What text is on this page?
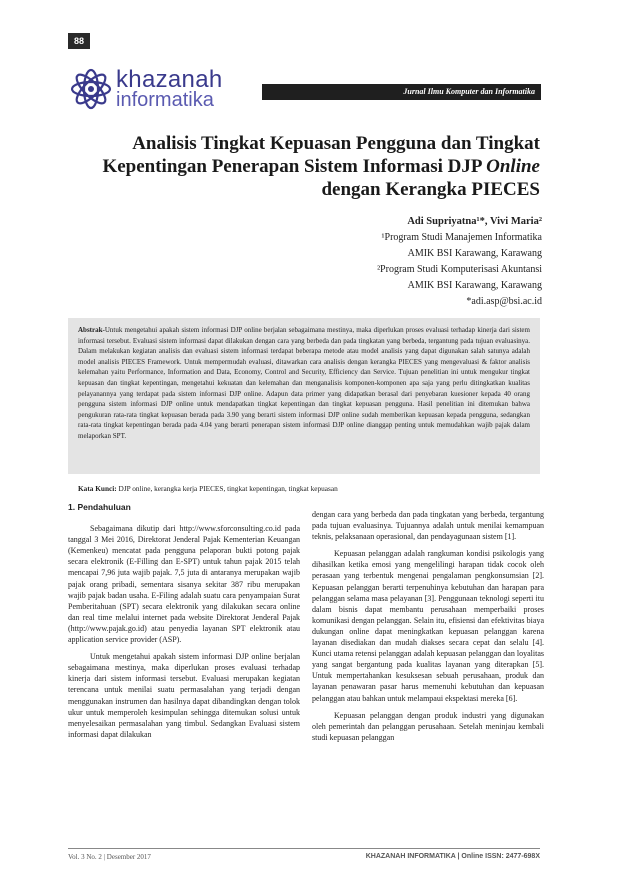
88
khazanah
informatika	Jurnal Ilmu Komputer dan Informatika
Analisis Tingkat Kepuasan Pengguna dan Tingkat
Kepentingan Penerapan Sistem Informasi DJP Online
dengan Kerangka PIECES
Adi Supriyatna¹*, Vivi Maria²
¹Program Studi Manajemen Informatika
AMIK BSI Karawang, Karawang
²Program Studi Komputerisasi Akuntansi
AMIK BSI Karawang, Karawang
*adi.asp@bsi.ac.id
Abstrak-Untuk mengetahui apakah sistem informasi DJP online berjalan sebagaimana mestinya, maka diperlukan proses evaluasi terhadap kinerja dari sistem informasi tersebut. Evaluasi sistem informasi dapat dilakukan dengan cara yang berbeda dan pada tingkatan yang berbeda, tergantung pada tujuan evaluasinya. Dalam melakukan kegiatan analisis dan evaluasi sistem informasi terdapat beberapa metode atau model analisis yang dapat digunakan salah satunya adalah model analisis PIECES Framework. Untuk mempermudah evaluasi, ditawarkan cara analisis dengan kerangka PIECES yang mengevaluasi & faktor analisis kelemahan yaitu Performance, Information and Data, Economy, Control and Security, Efficiency dan Service. Tujuan penelitian ini untuk mengukur tingkat kepuasan dan tingkat kepentingan, mengetahui kekuatan dan kelemahan dan menganalisis komponen-komponen apa saja yang perlu ditingkatkan kualitas pelayanannya yang terdapat pada sistem informasi DJP online. Adapun data primer yang didapatkan berasal dari penyebaran kuesioner kepada 40 orang pengguna sistem informasi DJP online untuk mendapatkan tingkat kepentingan dan tingkat kepuasan pengguna. Hasil penelitian ini ditemukan bahwa pengukuran rata-rata tingkat kepuasan berada pada 3.90 yang berarti sistem informasi DJP online sudah memberikan kepuasan kepada pengguna, sedangkan rata-rata tingkat kepentingan berada pada 4.04 yang berarti penerapan sistem informasi DJP online dianggap penting untuk memudahkan wajib pajak dalam melaporkan SPT.
Kata Kunci: DJP online, kerangka kerja PIECES, tingkat kepentingan, tingkat kepuasan
1. Pendahuluan

Sebagaimana dikutip dari http://www.sforconsulting.co.id pada tanggal 3 Mei 2016, Direktorat Jenderal Pajak Kementerian Keuangan (Kemenkeu) mencatat pada pengguna pelaporan bukti potong pajak secara elektronik (E-Filling dan E-SPT) untuk tahun pajak 2015 telah mencapai 7,96 juta wajib pajak. 7,5 juta di antaranya merupakan wajib pajak orang pribadi, sementara sisanya sekitar 387 ribu merupakan wajib pajak badan usaha. E-Filing adalah suatu cara penyampaian Surat Pemberitahuan (SPT) secara elektronik yang dilakukan secara online dan real time melalui internet pada website Direktorat Jenderal Pajak (http://www.pajak.go.id) atau penyedia layanan SPT elektronik atau application service provider (ASP).

Untuk mengetahui apakah sistem informasi DJP online berjalan sebagaimana mestinya, maka diperlukan proses evaluasi terhadap kinerja dari sistem informasi tersebut. Evaluasi merupakan kegiatan terencana untuk menilai suatu permasalahan yang terjadi dengan menggunakan instrumen dan hasilnya dapat dibandingkan dengan tolok ukur untuk memperoleh kesimpulan sehingga ditemukan solusi untuk menyelesaikan permasalahan yang timbul. Sedangkan Evaluasi sistem informasi dapat dilakukan

dengan cara yang berbeda dan pada tingkatan yang berbeda, tergantung pada tujuan evaluasinya. Tujuannya adalah untuk menilai kemampuan teknis, pelaksanaan operasional, dan pendayagunaan sistem [1].

Kepuasan pelanggan adalah rangkuman kondisi psikologis yang dihasilkan ketika emosi yang mengelilingi harapan tidak cocok oleh perasaan yang terbentuk mengenai pengalaman pengkonsumsian [2]. Kepuasan pelanggan berarti terpenuhinya kebutuhan dan harapan para pelanggan selama masa pelayanan [3]. Penggunaan teknologi seperti itu dalam bisnis dapat membantu perusahaan memperbaiki proses komunikasi dengan pelanggan. Selain itu, efisiensi dan efektivitas biaya dukungan online dapat meningkatkan kepuasan pelanggan karena layanan disediakan dan mudah diakses secara cepat dan selalu [4]. Kunci utama retensi pelanggan adalah kepuasan pelanggan dan loyalitas yang sangat bergantung pada kualitas layanan yang diterapkan [5]. Untuk mempertahankan kesuksesan sebuah perusahaan, produk dan layanan penawaran pasar harus memenuhi kebutuhan dan kepuasan pelanggan atau bahkan untuk melampaui ekspektasi mereka [6].

Kepuasan pelanggan dengan produk industri yang digunakan oleh pemerintah dan pelanggan perusahaan. Setelah meninjau kembali studi kepuasan pelanggan

Vol. 3 No. 2 | Desember 2017	KHAZANAH INFORMATIKA | Online ISSN: 2477-698X
